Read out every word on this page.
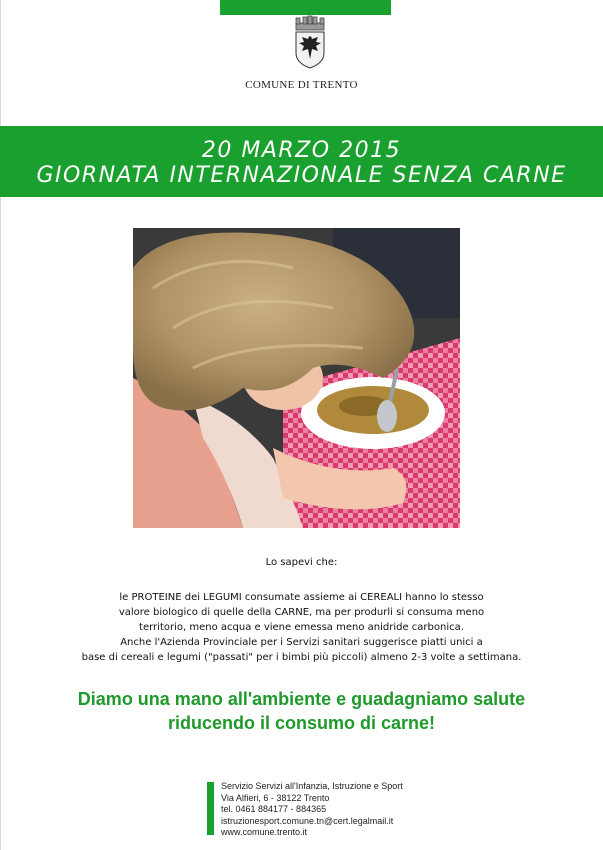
COMUNE DI TRENTO
20 MARZO 2015
GIORNATA INTERNAZIONALE SENZA CARNE
Lo sapevi che:
le PROTEINE dei LEGUMI consumate assieme ai CEREALI hanno lo stesso
valore biologico di quelle della CARNE, ma per produrli si consuma meno
territorio, meno acqua e viene emessa meno anidride carbonica.
Anche l'Azienda Provinciale per i Servizi sanitari suggerisce piatti unici a
base di cereali e legumi ("passati" per i bimbi più piccoli) almeno 2-3 volte a settimana.
Diamo una mano all'ambiente e guadagniamo salute
riducendo il consumo di carne!
Servizio Servizi all'Infanzia, Istruzione e Sport
Via Alfieri, 6 - 38122 Trento
tel. 0461 884177 - 884365
istruzionesport.comune.tn@cert.legalmail.it
www.comune.trento.it
